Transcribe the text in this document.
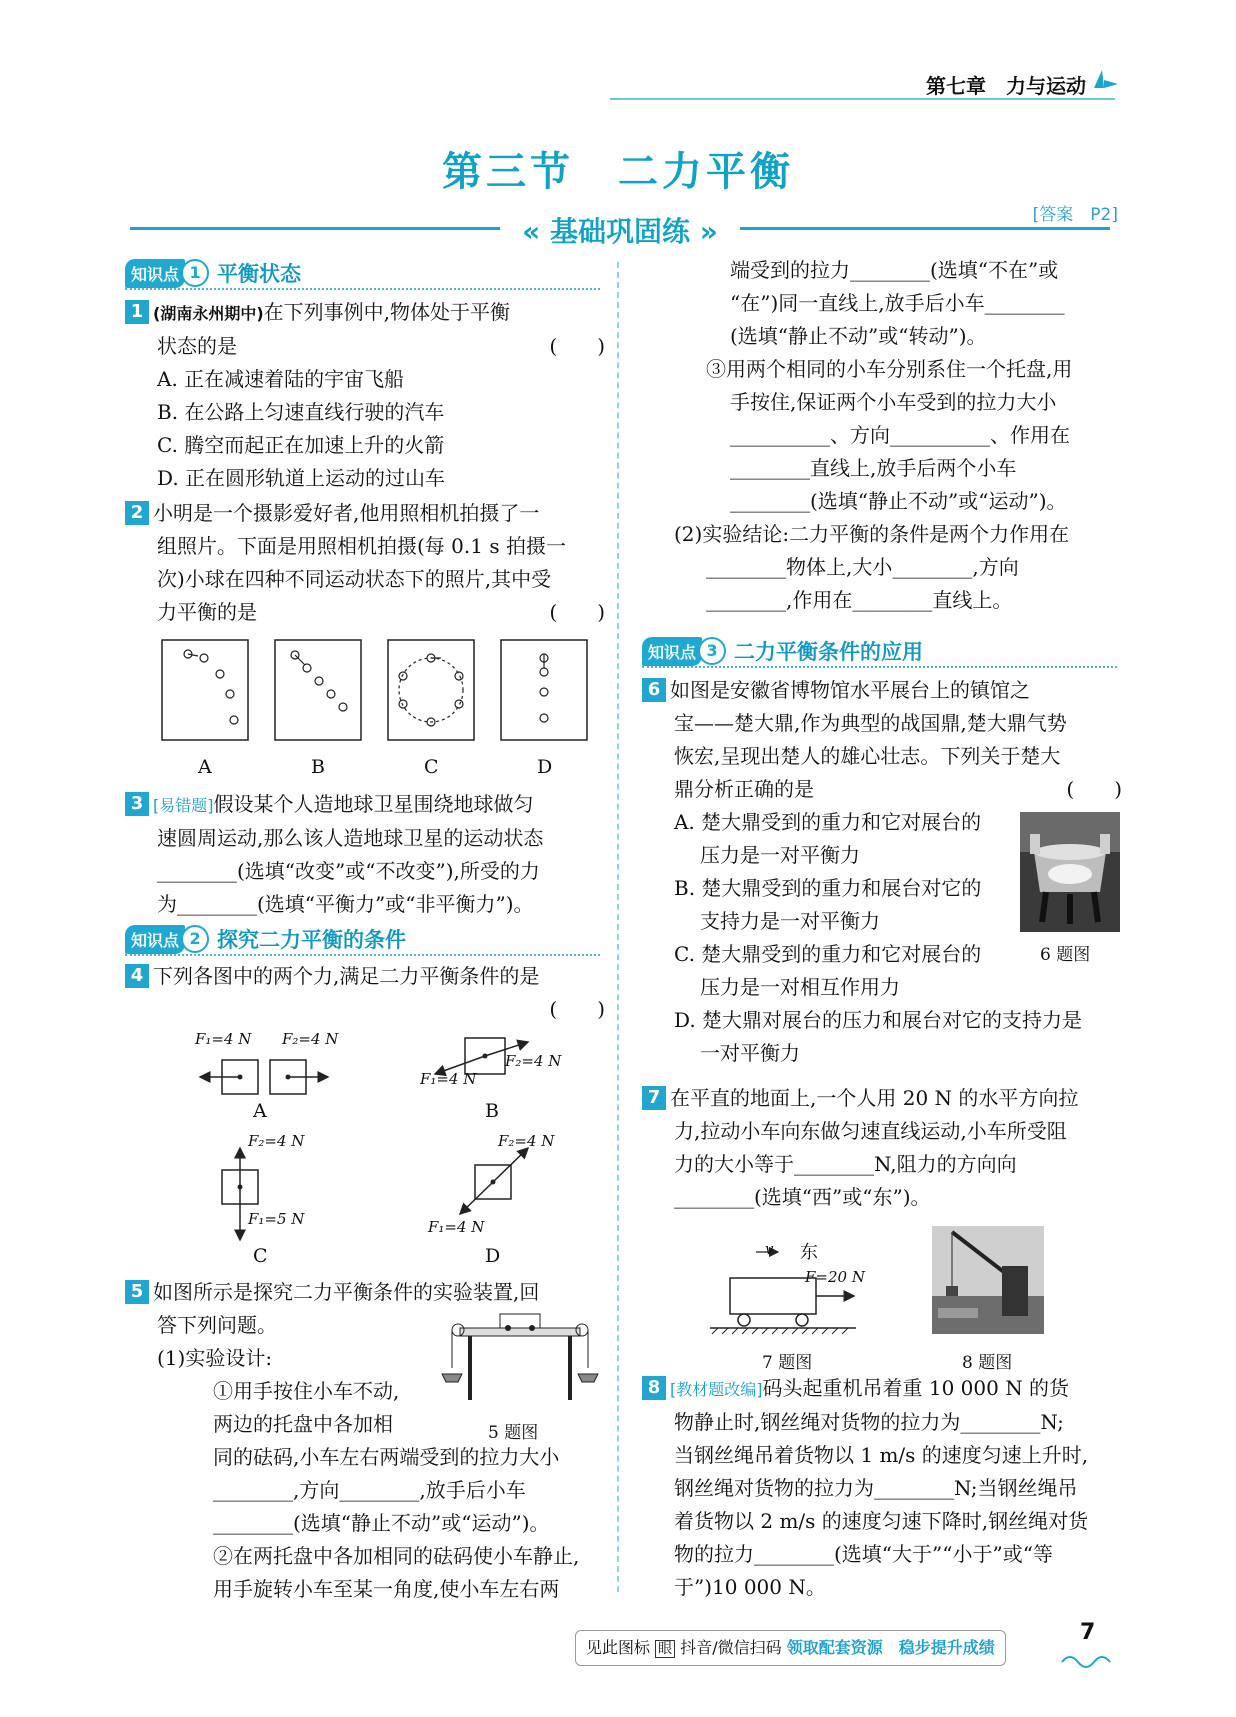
第七章　力与运动
第三节　二力平衡
« 基础巩固练 »	[答案　P2]
知识点 1 平衡状态
1 (湖南永州期中)在下列事例中,物体处于平衡
状态的是	(　　)
A. 正在减速着陆的宇宙飞船
B. 在公路上匀速直线行驶的汽车
C. 腾空而起正在加速上升的火箭
D. 正在圆形轨道上运动的过山车
2 小明是一个摄影爱好者,他用照相机拍摄了一
组照片。下面是用照相机拍摄(每 0.1 s 拍摄一
次)小球在四种不同运动状态下的照片,其中受
力平衡的是	(　　)
A	B	C	D
3 [易错题]假设某个人造地球卫星围绕地球做匀
速圆周运动,那么该人造地球卫星的运动状态
________(选填“改变”或“不改变”),所受的力
为________(选填“平衡力”或“非平衡力”)。
知识点 2 探究二力平衡的条件
4 下列各图中的两个力,满足二力平衡条件的是
(　　)
F₁=4 N F₂=4 N
A
F₁=4 N
F₂=4 N
B
F₂=4 N
F₁=5 N
C
F₂=4 N
F₁=4 N
D
5 如图所示是探究二力平衡条件的实验装置,回
答下列问题。
(1)实验设计:
①用手按住小车不动,
两边的托盘中各加相
同的砝码,小车左右两端受到的拉力大小
________,方向________,放手后小车
________(选填“静止不动”或“运动”)。
②在两托盘中各加相同的砝码使小车静止,
用手旋转小车至某一角度,使小车左右两
5 题图
端受到的拉力________(选填“不在”或
“在”)同一直线上,放手后小车________
(选填“静止不动”或“转动”)。
③用两个相同的小车分别系住一个托盘,用
手按住,保证两个小车受到的拉力大小
__________、方向__________、作用在
________直线上,放手后两个小车
________(选填“静止不动”或“运动”)。
(2)实验结论:二力平衡的条件是两个力作用在
________物体上,大小________,方向
________,作用在________直线上。
知识点 3 二力平衡条件的应用
6 如图是安徽省博物馆水平展台上的镇馆之
宝——楚大鼎,作为典型的战国鼎,楚大鼎气势
恢宏,呈现出楚人的雄心壮志。下列关于楚大
鼎分析正确的是	(　　)
A. 楚大鼎受到的重力和它对展台的
压力是一对平衡力
B. 楚大鼎受到的重力和展台对它的
支持力是一对平衡力
C. 楚大鼎受到的重力和它对展台的
压力是一对相互作用力
D. 楚大鼎对展台的压力和展台对它的支持力是
一对平衡力
6 题图
7 在平直的地面上,一个人用 20 N 的水平方向拉
力,拉动小车向东做匀速直线运动,小车所受阻
力的大小等于________N,阻力的方向向
________(选填“西”或“东”)。
v 东
F=20 N
7 题图	8 题图
8 [教材题改编]码头起重机吊着重 10 000 N 的货
物静止时,钢丝绳对货物的拉力为________N;
当钢丝绳吊着货物以 1 m/s 的速度匀速上升时,
钢丝绳对货物的拉力为________N;当钢丝绳吊
着货物以 2 m/s 的速度匀速下降时,钢丝绳对货
物的拉力________(选填“大于”“小于”或“等
于”)10 000 N。
见此图标 眼 抖音/微信扫码 领取配套资源　稳步提升成绩
7
